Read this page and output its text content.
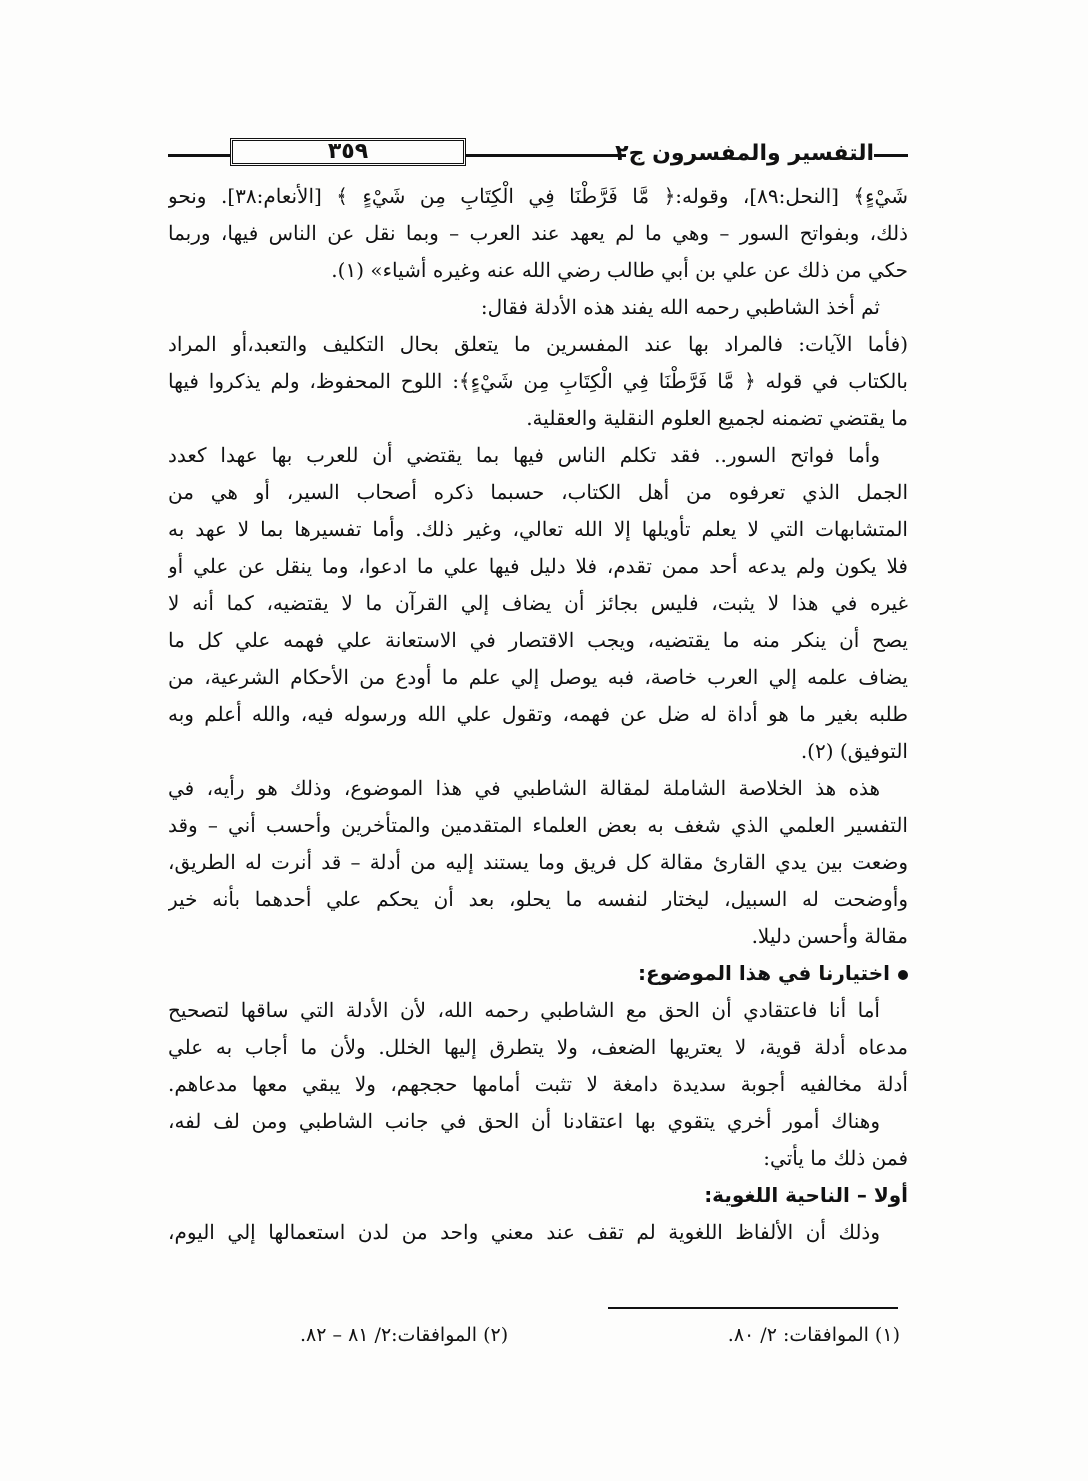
٣٥٩	التفسير والمفسرون ج٢
شَيْءٍ﴾ [النحل:٨٩]، وقوله:﴿ مَّا فَرَّطْنَا فِي الْكِتَابِ مِن شَيْءٍ ﴾ [الأنعام:٣٨]. ونحو
ذلك، وبفواتح السور – وهي ما لم يعهد عند العرب – وبما نقل عن الناس فيها، وربما
حكي من ذلك عن علي بن أبي طالب رضي الله عنه وغيره أشياء» (١).
ثم أخذ الشاطبي رحمه الله يفند هذه الأدلة فقال:
(فأما الآيات: فالمراد بها عند المفسرين ما يتعلق بحال التكليف والتعبد،أو المراد
بالكتاب في قوله ﴿ مَّا فَرَّطْنَا فِي الْكِتَابِ مِن شَيْءٍ﴾: اللوح المحفوظ، ولم يذكروا فيها
ما يقتضي تضمنه لجميع العلوم النقلية والعقلية.
وأما فواتح السور.. فقد تكلم الناس فيها بما يقتضي أن للعرب بها عهدا كعدد
الجمل الذي تعرفوه من أهل الكتاب، حسبما ذكره أصحاب السير، أو هي من
المتشابهات التي لا يعلم تأويلها إلا الله تعالي، وغير ذلك. وأما تفسيرها بما لا عهد به
فلا يكون ولم يدعه أحد ممن تقدم، فلا دليل فيها علي ما ادعوا، وما ينقل عن علي أو
غيره في هذا لا يثبت، فليس بجائز أن يضاف إلي القرآن ما لا يقتضيه، كما أنه لا
يصح أن ينكر منه ما يقتضيه، ويجب الاقتصار في الاستعانة علي فهمه علي كل ما
يضاف علمه إلي العرب خاصة، فبه يوصل إلي علم ما أودع من الأحكام الشرعية، من
طلبه بغير ما هو أداة له ضل عن فهمه، وتقول علي الله ورسوله فيه، والله أعلم وبه
التوفيق) (٢).
هذه هذ الخلاصة الشاملة لمقالة الشاطبي في هذا الموضوع، وذلك هو رأيه، في
التفسير العلمي الذي شغف به بعض العلماء المتقدمين والمتأخرين وأحسب أني – وقد
وضعت بين يدي القارئ مقالة كل فريق وما يستند إليه من أدلة – قد أنرت له الطريق،
وأوضحت له السبيل، ليختار لنفسه ما يحلو، بعد أن يحكم علي أحدهما بأنه خير
مقالة وأحسن دليلا.
اختيارنا في هذا الموضوع:
أما أنا فاعتقادي أن الحق مع الشاطبي رحمه الله، لأن الأدلة التي ساقها لتصحيح
مدعاه أدلة قوية، لا يعتريها الضعف، ولا يتطرق إليها الخلل. ولأن ما أجاب به علي
أدلة مخالفيه أجوبة سديدة دامغة لا تثبت أمامها حججهم، ولا يبقي معها مدعاهم.
وهناك أمور أخري يتقوي بها اعتقادنا أن الحق في جانب الشاطبي ومن لف لفه،
فمن ذلك ما يأتي:
أولا – الناحية اللغوية:
وذلك أن الألفاظ اللغوية لم تقف عند معني واحد من لدن استعمالها إلي اليوم،
(١) الموافقات: ٢/ ٨٠.
(٢) الموافقات:٢/ ٨١ – ٨٢.
